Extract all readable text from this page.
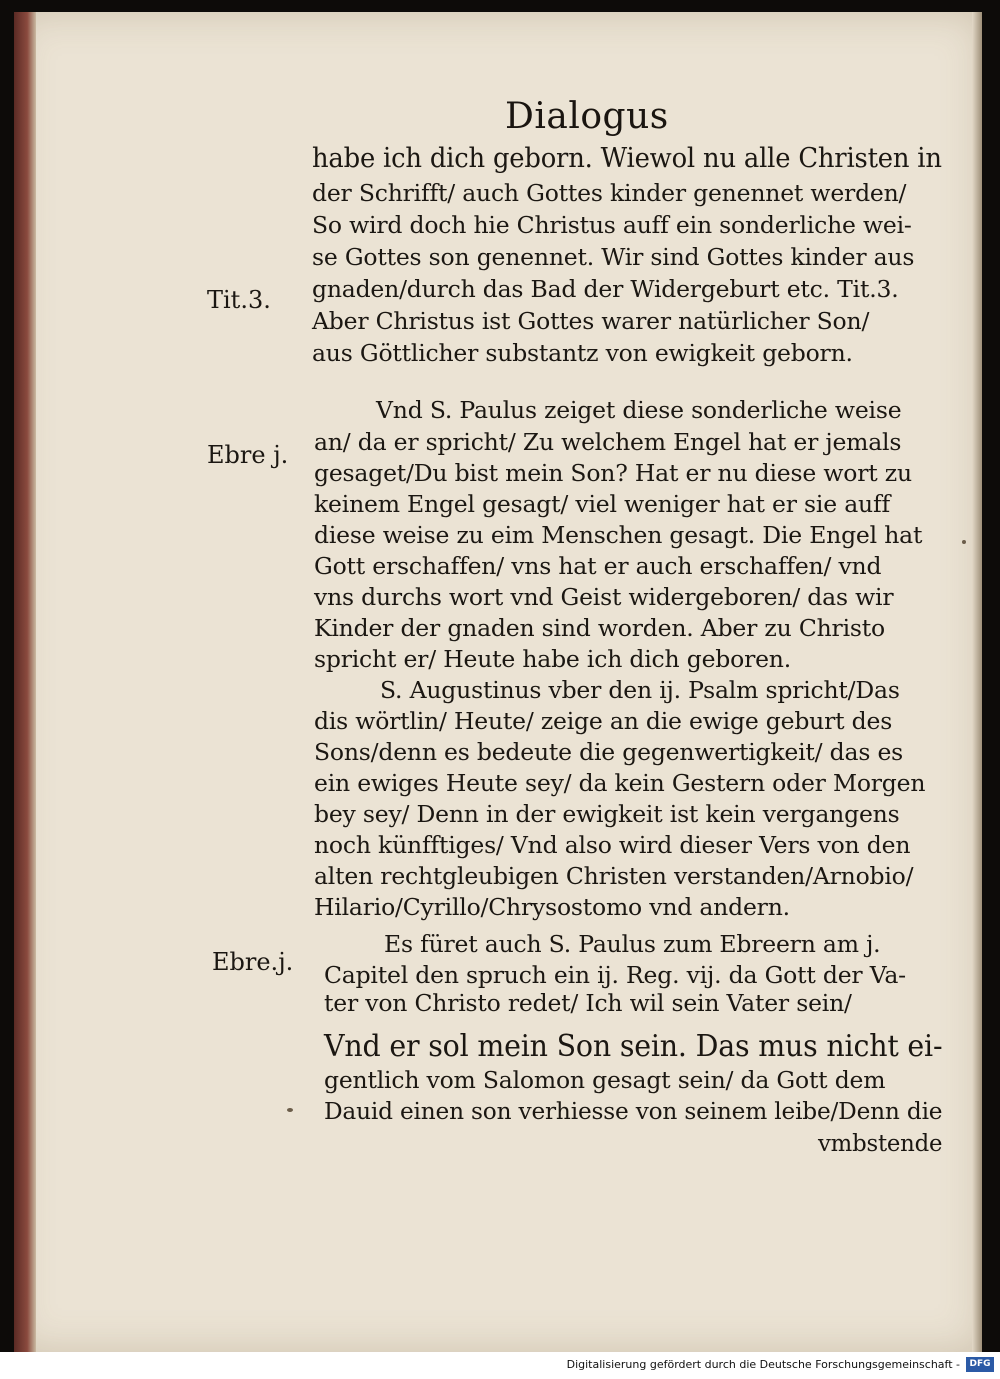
Dialogus
Tit.3.
Ebre j.
Ebre.j.
habe ich dich geborn. Wiewol nu alle Christen in
der Schrifft/ auch Gottes kinder genennet werden/
So wird doch hie Christus auff ein sonderliche wei-
se Gottes son genennet. Wir sind Gottes kinder aus
gnaden/durch das Bad der Widergeburt etc. Tit.3.
Aber Christus ist Gottes warer natürlicher Son/
aus Göttlicher substantz von ewigkeit geborn.
Vnd S. Paulus zeiget diese sonderliche weise
an/ da er spricht/ Zu welchem Engel hat er jemals
gesaget/Du bist mein Son? Hat er nu diese wort zu
keinem Engel gesagt/ viel weniger hat er sie auff
diese weise zu eim Menschen gesagt. Die Engel hat
Gott erschaffen/ vns hat er auch erschaffen/ vnd
vns durchs wort vnd Geist widergeboren/ das wir
Kinder der gnaden sind worden. Aber zu Christo
spricht er/ Heute habe ich dich geboren.
S. Augustinus vber den ij. Psalm spricht/Das
dis wörtlin/ Heute/ zeige an die ewige geburt des
Sons/denn es bedeute die gegenwertigkeit/ das es
ein ewiges Heute sey/ da kein Gestern oder Morgen
bey sey/ Denn in der ewigkeit ist kein vergangens
noch künfftiges/ Vnd also wird dieser Vers von den
alten rechtgleubigen Christen verstanden/Arnobio/
Hilario/Cyrillo/Chrysostomo vnd andern.
Es füret auch S. Paulus zum Ebreern am j.
Capitel den spruch ein ij. Reg. vij. da Gott der Va-
ter von Christo redet/ Ich wil sein Vater sein/
Vnd er sol mein Son sein. Das mus nicht ei-
gentlich vom Salomon gesagt sein/ da Gott dem
Dauid einen son verhiesse von seinem leibe/Denn die
vmbstende
Digitalisierung gefördert durch die Deutsche Forschungsgemeinschaft -	DFG
